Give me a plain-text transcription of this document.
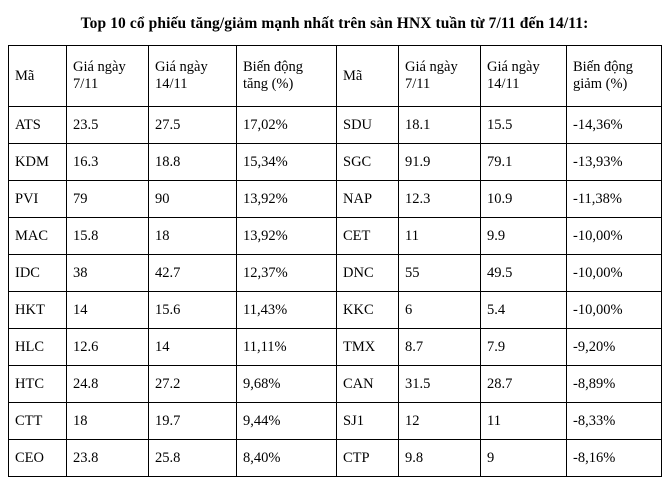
Top 10 cổ phiếu tăng/giảm mạnh nhất trên sàn HNX tuần từ 7/11 đến 14/11:
Mã	Giá ngày 7/11	Giá ngày 14/11	Biến động tăng (%)	Mã	Giá ngày 7/11	Giá ngày 14/11	Biến động giảm (%)
ATS	23.5	27.5	17,02%	SDU	18.1	15.5	-14,36%
KDM	16.3	18.8	15,34%	SGC	91.9	79.1	-13,93%
PVI	79	90	13,92%	NAP	12.3	10.9	-11,38%
MAC	15.8	18	13,92%	CET	11	9.9	-10,00%
IDC	38	42.7	12,37%	DNC	55	49.5	-10,00%
HKT	14	15.6	11,43%	KKC	6	5.4	-10,00%
HLC	12.6	14	11,11%	TMX	8.7	7.9	-9,20%
HTC	24.8	27.2	9,68%	CAN	31.5	28.7	-8,89%
CTT	18	19.7	9,44%	SJ1	12	11	-8,33%
CEO	23.8	25.8	8,40%	CTP	9.8	9	-8,16%
